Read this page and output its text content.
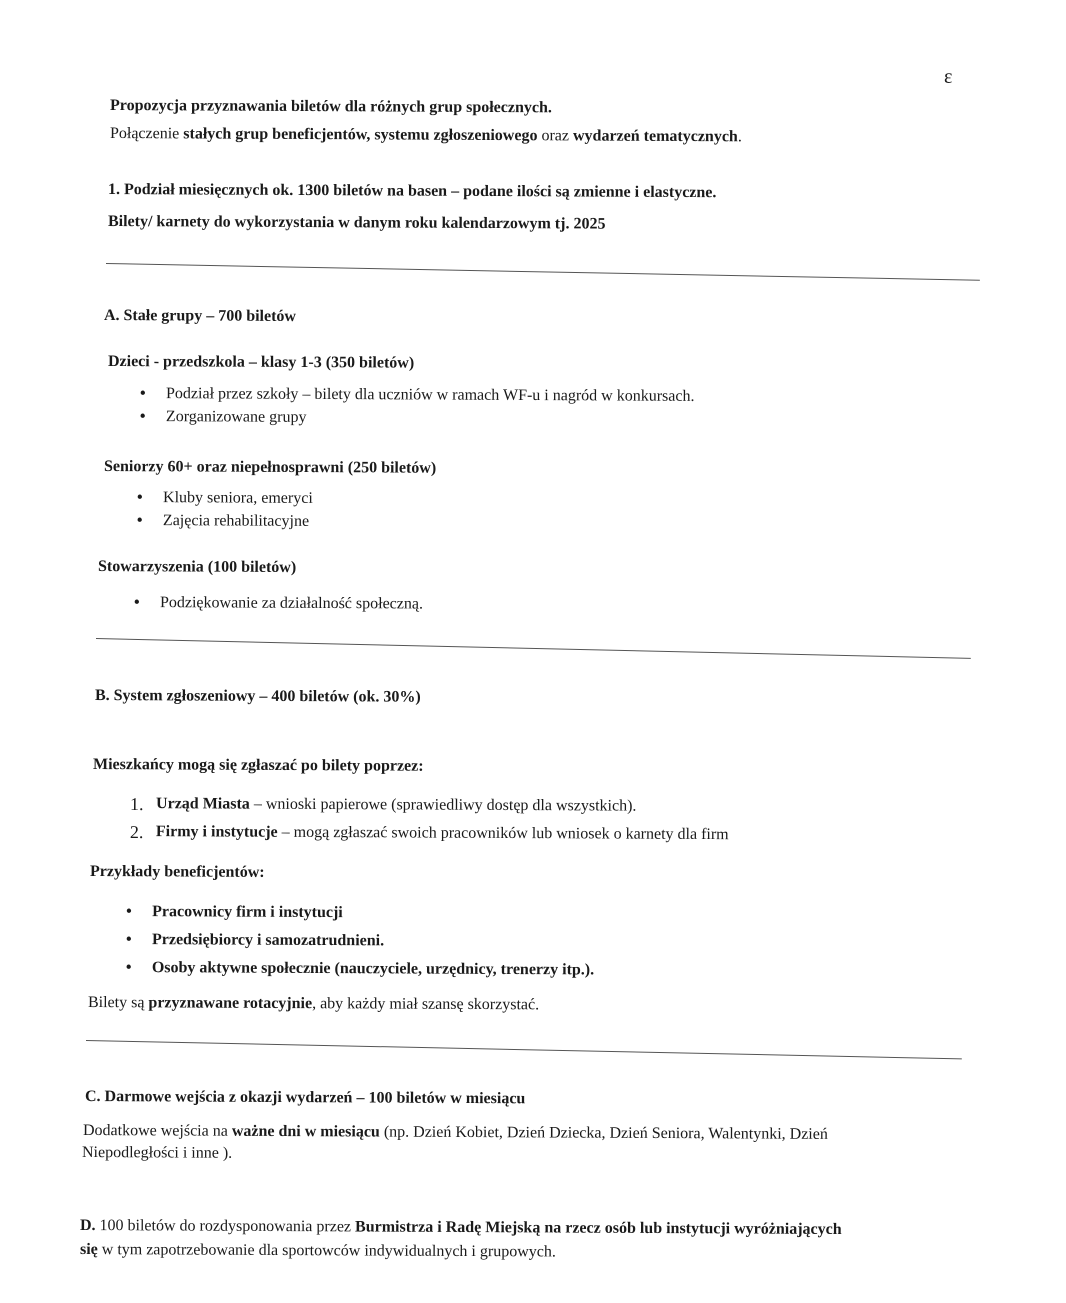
ε
Propozycja przyznawania biletów dla różnych grup społecznych.
Połączenie stałych grup beneficjentów, systemu zgłoszeniowego oraz wydarzeń tematycznych.
1. Podział miesięcznych ok. 1300 biletów na basen – podane ilości są zmienne i elastyczne.
Bilety/ karnety do wykorzystania w danym roku kalendarzowym tj. 2025
A. Stałe grupy – 700 biletów
Dzieci - przedszkola – klasy 1-3 (350 biletów)
• Podział przez szkoły – bilety dla uczniów w ramach WF-u i nagród w konkursach.
• Zorganizowane grupy
Seniorzy 60+ oraz niepełnosprawni (250 biletów)
• Kluby seniora, emeryci
• Zajęcia rehabilitacyjne
Stowarzyszenia (100 biletów)
• Podziękowanie za działalność społeczną.
B. System zgłoszeniowy – 400 biletów (ok. 30%)
Mieszkańcy mogą się zgłaszać po bilety poprzez:
1. Urząd Miasta – wnioski papierowe (sprawiedliwy dostęp dla wszystkich).
2. Firmy i instytucje – mogą zgłaszać swoich pracowników lub wniosek o karnety dla firm
Przykłady beneficjentów:
• Pracownicy firm i instytucji
• Przedsiębiorcy i samozatrudnieni.
• Osoby aktywne społecznie (nauczyciele, urzędnicy, trenerzy itp.).
Bilety są przyznawane rotacyjnie, aby każdy miał szansę skorzystać.
C. Darmowe wejścia z okazji wydarzeń – 100 biletów w miesiącu
Dodatkowe wejścia na ważne dni w miesiącu (np. Dzień Kobiet, Dzień Dziecka, Dzień Seniora, Walentynki, Dzień
Niepodległości i inne ).
D. 100 biletów do rozdysponowania przez Burmistrza i Radę Miejską na rzecz osób lub instytucji wyróżniających
się w tym zapotrzebowanie dla sportowców indywidualnych i grupowych.
